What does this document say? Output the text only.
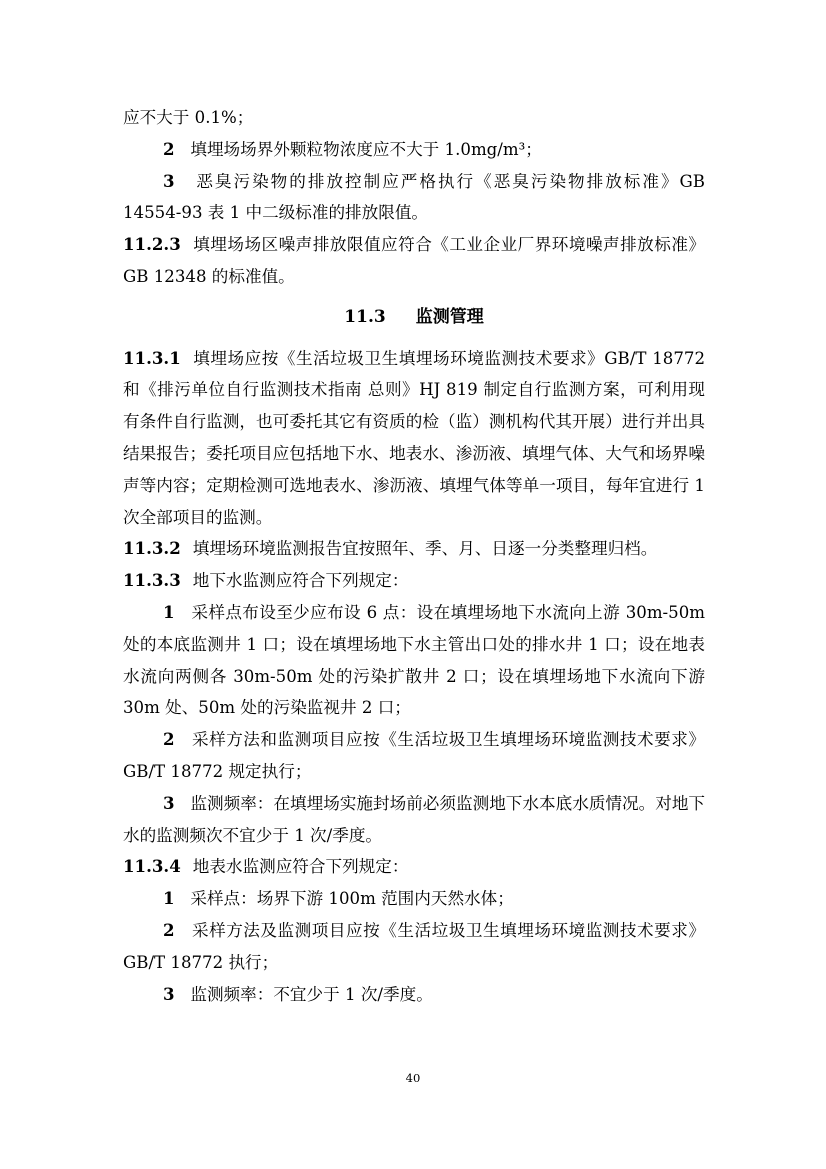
应不大于 0.1%；

2 填埋场场界外颗粒物浓度应不大于 1.0mg/m³；

3 恶臭污染物的排放控制应严格执行《恶臭污染物排放标准》GB 14554-93 表 1 中二级标准的排放限值。

11.2.3 填埋场场区噪声排放限值应符合《工业企业厂界环境噪声排放标准》GB 12348 的标准值。

11.3 监测管理

11.3.1 填埋场应按《生活垃圾卫生填埋场环境监测技术要求》GB/T 18772 和《排污单位自行监测技术指南 总则》HJ 819 制定自行监测方案，可利用现有条件自行监测，也可委托其它有资质的检（监）测机构代其开展）进行并出具结果报告；委托项目应包括地下水、地表水、渗沥液、填埋气体、大气和场界噪声等内容；定期检测可选地表水、渗沥液、填埋气体等单一项目，每年宜进行 1 次全部项目的监测。

11.3.2 填埋场环境监测报告宜按照年、季、月、日逐一分类整理归档。

11.3.3 地下水监测应符合下列规定：

1 采样点布设至少应布设 6 点：设在填埋场地下水流向上游 30m-50m 处的本底监测井 1 口；设在填埋场地下水主管出口处的排水井 1 口；设在地表水流向两侧各 30m-50m 处的污染扩散井 2 口；设在填埋场地下水流向下游 30m 处、50m 处的污染监视井 2 口；

2 采样方法和监测项目应按《生活垃圾卫生填埋场环境监测技术要求》GB/T 18772 规定执行；

3 监测频率：在填埋场实施封场前必须监测地下水本底水质情况。对地下水的监测频次不宜少于 1 次/季度。

11.3.4 地表水监测应符合下列规定：

1 采样点：场界下游 100m 范围内天然水体；

2 采样方法及监测项目应按《生活垃圾卫生填埋场环境监测技术要求》GB/T 18772 执行；

3 监测频率：不宜少于 1 次/季度。

40
